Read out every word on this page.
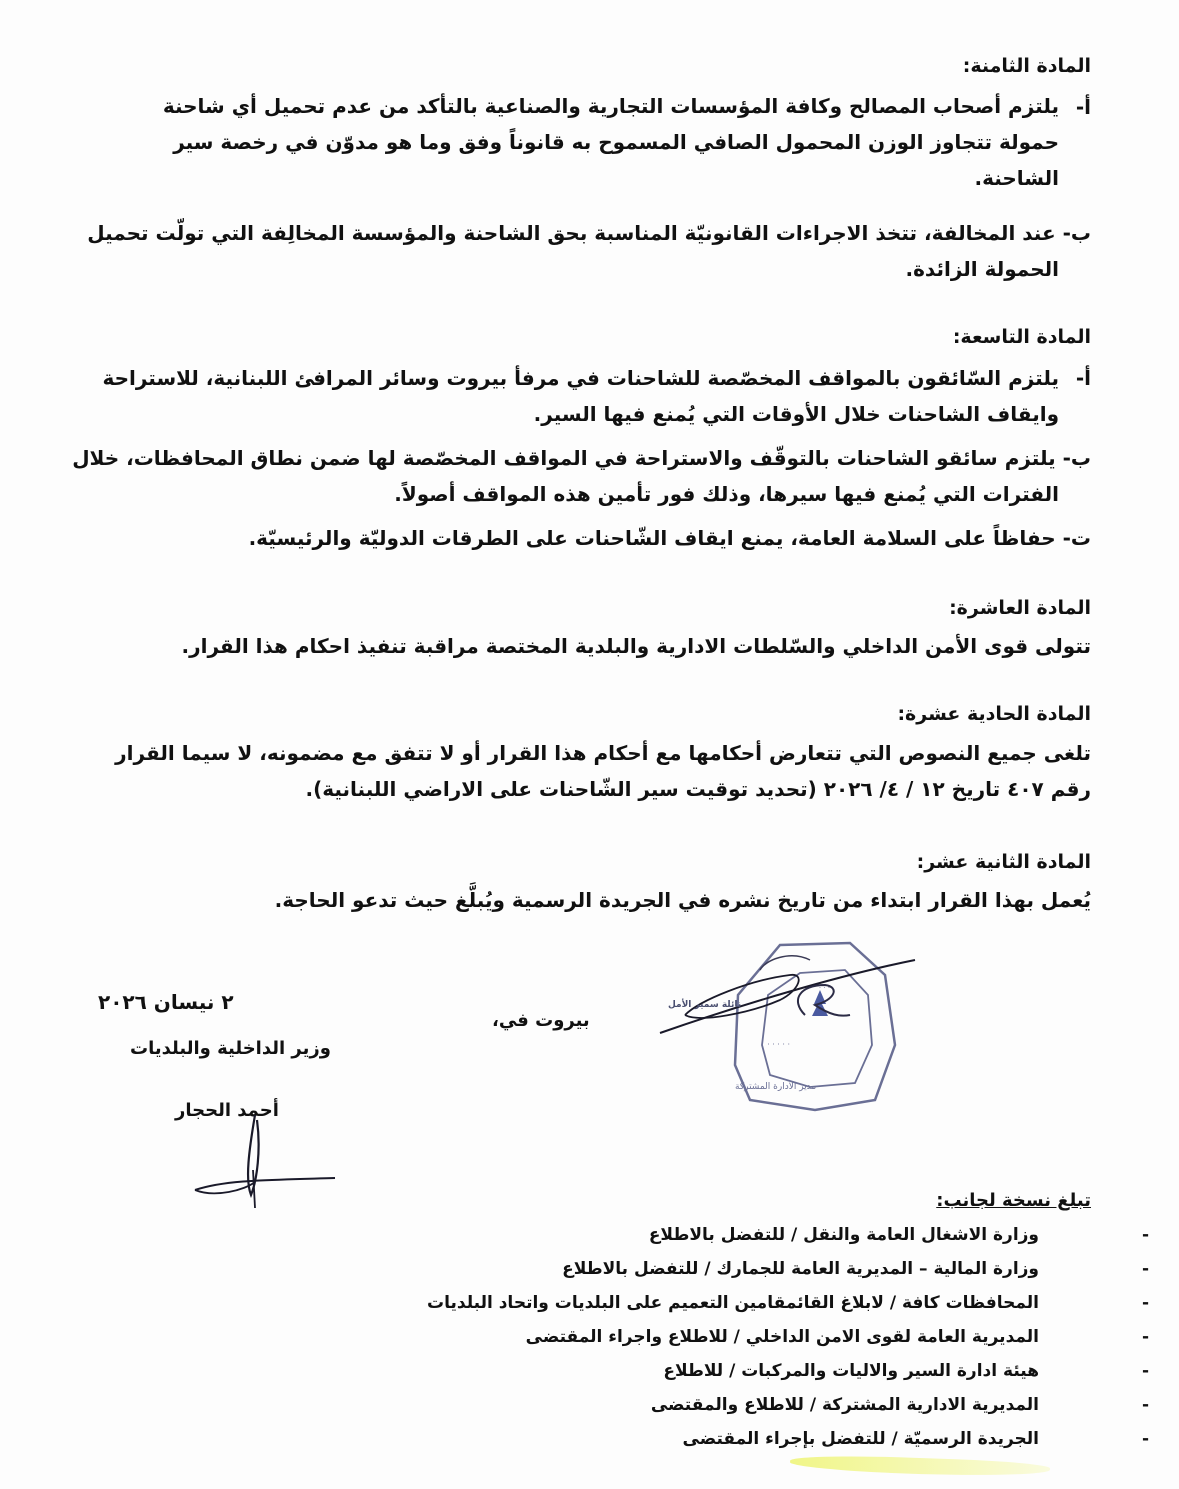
المادة الثامنة:
أ-
يلتزم أصحاب المصالح وكافة المؤسسات التجارية والصناعية بالتأكد من عدم تحميل أي شاحنة
حمولة تتجاوز الوزن المحمول الصافي المسموح به قانوناً وفق وما هو مدوّن في رخصة سير
الشاحنة.
ب- عند المخالفة، تتخذ الاجراءات القانونيّة المناسبة بحق الشاحنة والمؤسسة المخالِفة التي تولّت تحميل
الحمولة الزائدة.
المادة التاسعة:
أ-
يلتزم السّائقون بالمواقف المخصّصة للشاحنات في مرفأ بيروت وسائر المرافئ اللبنانية، للاستراحة
وايقاف الشاحنات خلال الأوقات التي يُمنع فيها السير.
ب- يلتزم سائقو الشاحنات بالتوقّف والاستراحة في المواقف المخصّصة لها ضمن نطاق المحافظات، خلال
الفترات التي يُمنع فيها سيرها، وذلك فور تأمين هذه المواقف أصولاً.
ت- حفاظاً على السلامة العامة، يمنع ايقاف الشّاحنات على الطرقات الدوليّة والرئيسيّة.
المادة العاشرة:
تتولى قوى الأمن الداخلي والسّلطات الادارية والبلدية المختصة مراقبة تنفيذ احكام هذا القرار.
المادة الحادية عشرة:
تلغى جميع النصوص التي تتعارض أحكامها مع أحكام هذا القرار أو لا تتفق مع مضمونه، لا سيما القرار
رقم ٤٠٧ تاريخ ١٢ / ٤/ ٢٠٢٦ (تحديد توقيت سير الشّاحنات على الاراضي اللبنانية).
المادة الثانية عشر:
يُعمل بهذا القرار ابتداء من تاريخ نشره في الجريدة الرسمية ويُبلَّغ حيث تدعو الحاجة.
بيروت في،
٢ نيسان ٢٠٢٦
وزير الداخلية والبلديات
أحمد الحجار
· · · · ·
· · ·
نائلة سمير الأمل
مدير الادارة المشتركة
تبلغ نسخة لجانب:
-
وزارة الاشغال العامة والنقل / للتفضل بالاطلاع
-
وزارة المالية – المديرية العامة للجمارك / للتفضل بالاطلاع
-
المحافظات كافة / لابلاغ القائمقامين التعميم على البلديات واتحاد البلديات
-
المديرية العامة لقوى الامن الداخلي / للاطلاع واجراء المقتضى
-
هيئة ادارة السير والاليات والمركبات / للاطلاع
-
المديرية الادارية المشتركة / للاطلاع والمقتضى
-
الجريدة الرسميّة / للتفضل بإجراء المقتضى
